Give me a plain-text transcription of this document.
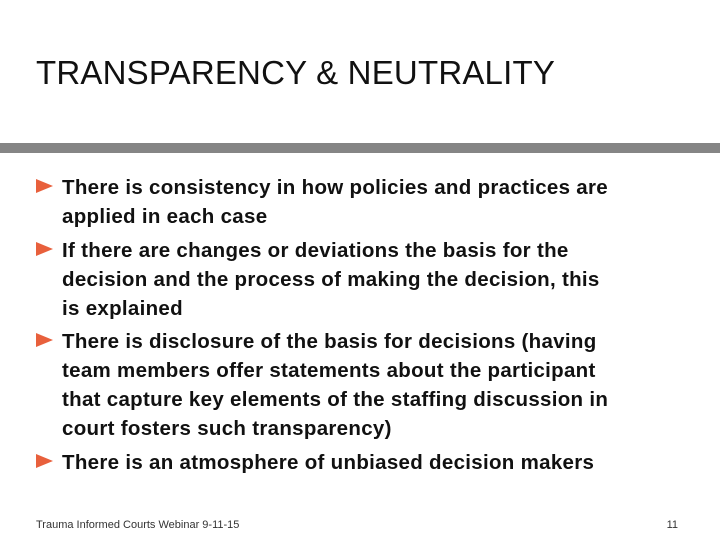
TRANSPARENCY & NEUTRALITY
There is consistency in how policies and practices are
applied in each case
If there are changes or deviations the basis for the
decision and the process of making the decision, this
is explained
There is disclosure of the basis for decisions (having
team members offer statements about the participant
that capture key elements of the staffing discussion in
court fosters such transparency)
There is an atmosphere of unbiased decision makers
Trauma Informed Courts Webinar 9-11-15	11
